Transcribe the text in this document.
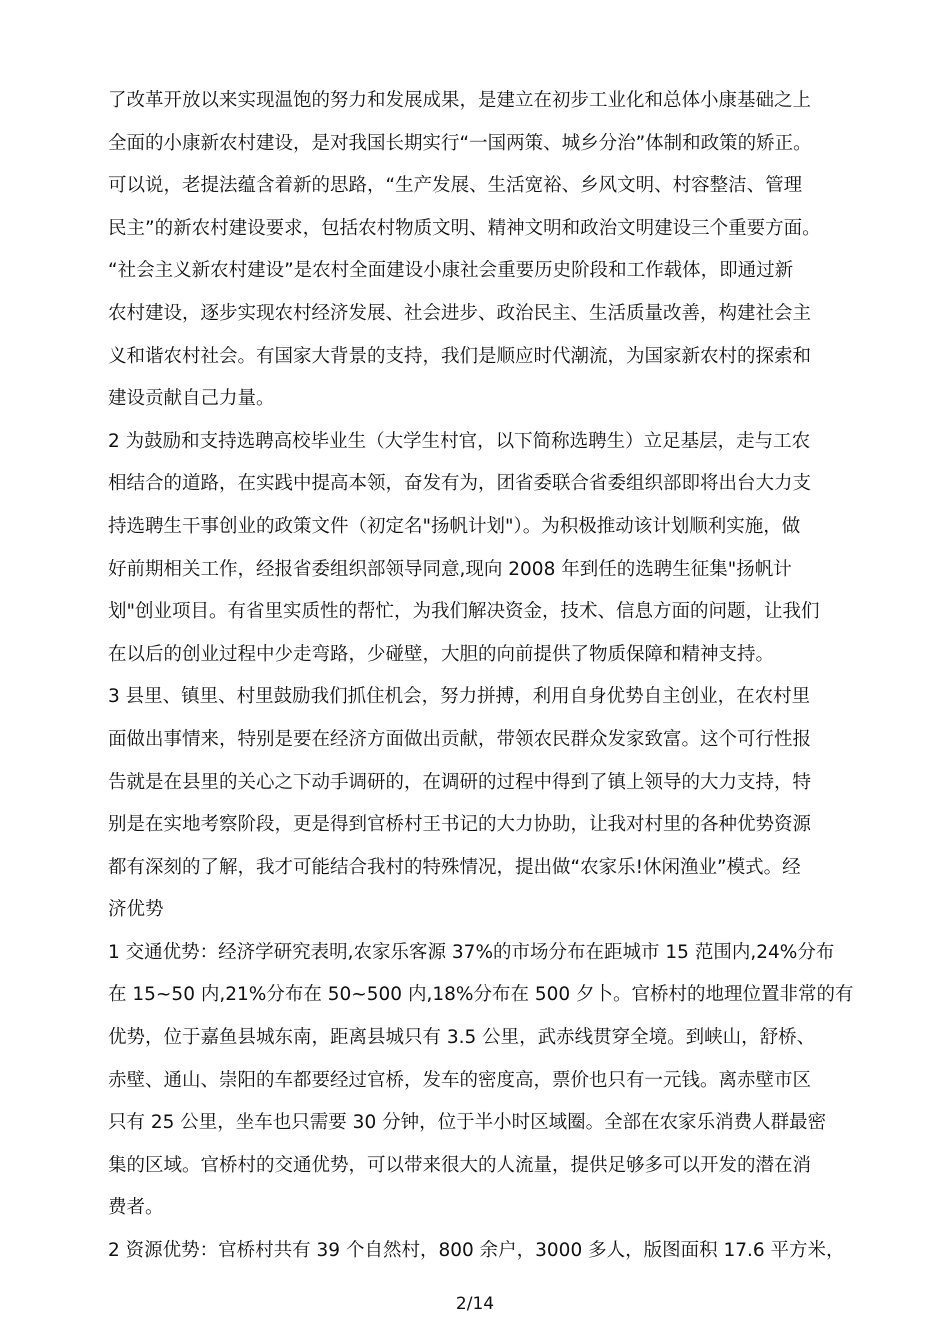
了改革开放以来实现温饱的努力和发展成果，是建立在初步工业化和总体小康基础之上
全面的小康新农村建设，是对我国长期实行“一国两策、城乡分治”体制和政策的矫正。
可以说，老提法蕴含着新的思路，“生产发展、生活宽裕、乡风文明、村容整洁、管理
民主”的新农村建设要求，包括农村物质文明、精神文明和政治文明建设三个重要方面。
“社会主义新农村建设”是农村全面建设小康社会重要历史阶段和工作载体，即通过新
农村建设，逐步实现农村经济发展、社会进步、政治民主、生活质量改善，构建社会主
义和谐农村社会。有国家大背景的支持，我们是顺应时代潮流，为国家新农村的探索和
建设贡献自己力量。
2 为鼓励和支持选聘高校毕业生（大学生村官，以下简称选聘生）立足基层，走与工农
相结合的道路，在实践中提高本领，奋发有为，团省委联合省委组织部即将出台大力支
持选聘生干事创业的政策文件（初定名"扬帆计划"）。为积极推动该计划顺利实施，做
好前期相关工作，经报省委组织部领导同意,现向 2008 年到任的选聘生征集"扬帆计
划"创业项目。有省里实质性的帮忙，为我们解决资金，技术、信息方面的问题，让我们
在以后的创业过程中少走弯路，少碰壁，大胆的向前提供了物质保障和精神支持。
3 县里、镇里、村里鼓励我们抓住机会，努力拼搏，利用自身优势自主创业，在农村里
面做出事情来，特别是要在经济方面做出贡献，带领农民群众发家致富。这个可行性报
告就是在县里的关心之下动手调研的，在调研的过程中得到了镇上领导的大力支持，特
别是在实地考察阶段，更是得到官桥村王书记的大力协助，让我对村里的各种优势资源
都有深刻的了解，我才可能结合我村的特殊情况，提出做“农家乐!休闲渔业”模式。经
济优势
1 交通优势：经济学研究表明,农家乐客源 37%的市场分布在距城市 15 范围内,24%分布
在 15~50 内,21%分布在 50~500 内,18%分布在 500 夕卜。官桥村的地理位置非常的有
优势，位于嘉鱼县城东南，距离县城只有 3.5 公里，武赤线贯穿全境。到峡山，舒桥、
赤壁、通山、崇阳的车都要经过官桥，发车的密度高，票价也只有一元钱。离赤壁市区
只有 25 公里，坐车也只需要 30 分钟，位于半小时区域圈。全部在农家乐消费人群最密
集的区域。官桥村的交通优势，可以带来很大的人流量，提供足够多可以开发的潜在消
费者。
2 资源优势：官桥村共有 39 个自然村，800 余户，3000 多人，版图面积 17.6 平方米，
2/14
